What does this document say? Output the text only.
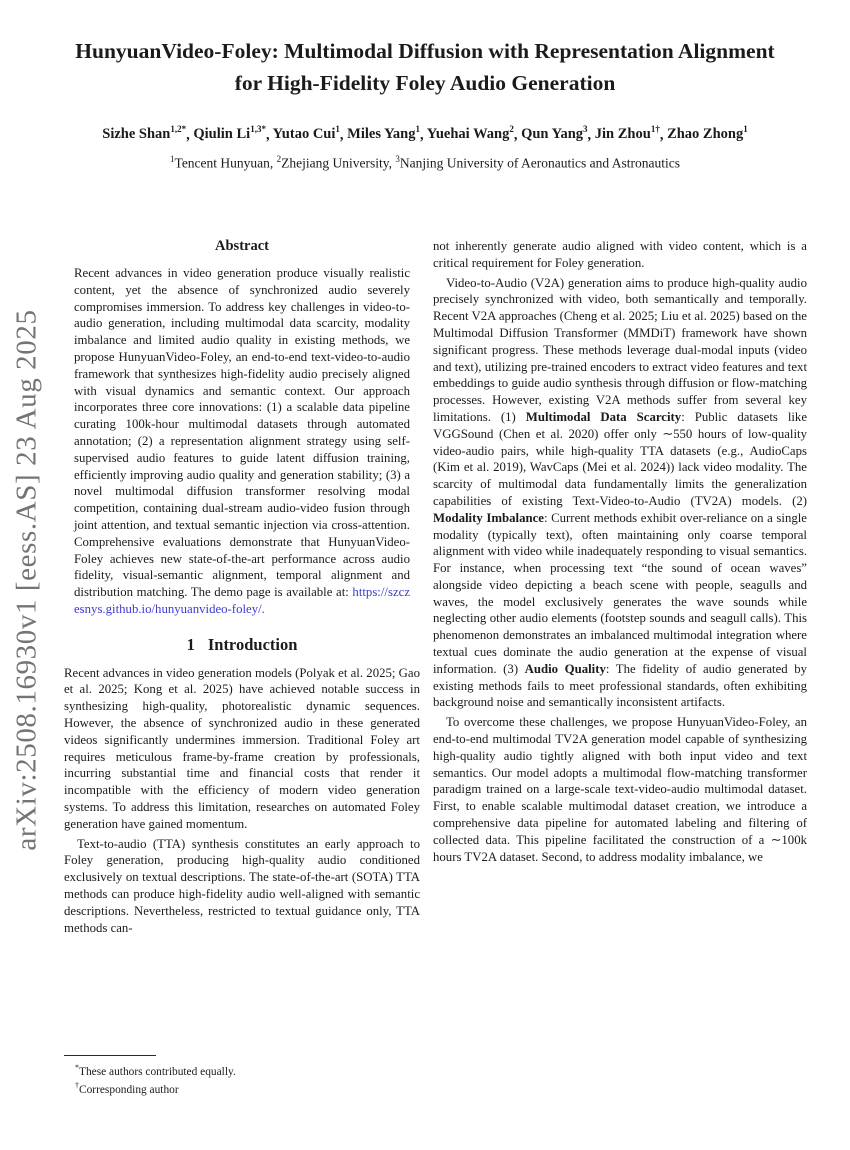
arXiv:2508.16930v1 [eess.AS] 23 Aug 2025
HunyuanVideo-Foley: Multimodal Diffusion with Representation Alignment for High-Fidelity Foley Audio Generation
Sizhe Shan$^{1,2*}$, Qiulin $Li^{1,3*}$, Yutao Cui$^1$, Miles Yang$^1$, Yuehai Wang$^2$, Qun Yang$^3$, Jin Zhou$^{1\dagger}$, Zhao Zhong$^1$
$^1$Tencent Hunyuan, $^2$Zhejiang University, $^3$Nanjing University of Aeronautics and Astronautics
Abstract

Recent advances in video generation produce visually realistic content, yet the absence of synchronized audio severely compromises immersion. To address key challenges in video-to-audio generation, including multimodal data scarcity, modality imbalance and limited audio quality in existing methods, we propose HunyuanVideo-Foley, an end-to-end text-video-to-audio framework that synthesizes high-fidelity audio precisely aligned with visual dynamics and semantic context. Our approach incorporates three core innovations: (1) a scalable data pipeline curating 100k-hour multimodal datasets through automated annotation; (2) a representation alignment strategy using self-supervised audio features to guide latent diffusion training, efficiently improving audio quality and generation stability; (3) a novel multimodal diffusion transformer resolving modal competition, containing dual-stream audio-video fusion through joint attention, and textual semantic injection via cross-attention. Comprehensive evaluations demonstrate that HunyuanVideo-Foley achieves new state-of-the-art performance across audio fidelity, visual-semantic alignment, temporal alignment and distribution matching. The demo page is available at: https://szczesnys.github.io/hunyuanvideo-foley/.

1 Introduction

Recent advances in video generation models (Polyak et al. 2025; Gao et al. 2025; Kong et al. 2025) have achieved notable success in synthesizing high-quality, photorealistic dynamic sequences. However, the absence of synchronized audio in these generated videos significantly undermines immersion. Traditional Foley art requires meticulous frame-by-frame creation by professionals, incurring substantial time and financial costs that render it incompatible with the efficiency of modern video generation systems. To address this limitation, researches on automated Foley generation have gained momentum.

Text-to-audio (TTA) synthesis constitutes an early approach to Foley generation, producing high-quality audio conditioned exclusively on textual descriptions. The state-of-the-art (SOTA) TTA methods can produce high-fidelity audio well-aligned with semantic descriptions. Nevertheless, restricted to textual guidance only, TTA methods can-

*These authors contributed equally.

†Corresponding author

not inherently generate audio aligned with video content, which is a critical requirement for Foley generation.

Video-to-Audio (V2A) generation aims to produce high-quality audio precisely synchronized with video, both semantically and temporally. Recent V2A approaches (Cheng et al. 2025; Liu et al. 2025) based on the Multimodal Diffusion Transformer (MMDiT) framework have shown significant progress. These methods leverage dual-modal inputs (video and text), utilizing pre-trained encoders to extract video features and text embeddings to guide audio synthesis through diffusion or flow-matching processes. However, existing V2A methods suffer from several key limitations. (1) Multimodal Data Scarcity: Public datasets like VGGSound (Chen et al. 2020) offer only ∼550 hours of low-quality video-audio pairs, while high-quality TTA datasets (e.g., AudioCaps (Kim et al. 2019), WavCaps (Mei et al. 2024)) lack video modality. The scarcity of multimodal data fundamentally limits the generalization capabilities of existing Text-Video-to-Audio (TV2A) models. (2) Modality Imbalance: Current methods exhibit over-reliance on a single modality (typically text), often maintaining only coarse temporal alignment with video while inadequately responding to visual semantics. For instance, when processing text “the sound of ocean waves” alongside video depicting a beach scene with people, seagulls and waves, the model exclusively generates the wave sounds while neglecting other audio elements (footstep sounds and seagull calls). This phenomenon demonstrates an imbalanced multimodal integration where textual cues dominate the audio generation at the expense of visual information. (3) Audio Quality: The fidelity of audio generated by existing methods fails to meet professional standards, often exhibiting background noise and semantically inconsistent artifacts.

To overcome these challenges, we propose HunyuanVideo-Foley, an end-to-end multimodal TV2A generation model capable of synthesizing high-quality audio tightly aligned with both input video and text semantics. Our model adopts a multimodal flow-matching transformer paradigm trained on a large-scale text-video-audio multimodal dataset. First, to enable scalable multimodal dataset creation, we introduce a comprehensive data pipeline for automated labeling and filtering of collected data. This pipeline facilitated the construction of a ∼100k hours TV2A dataset. Second, to address modality imbalance, we
